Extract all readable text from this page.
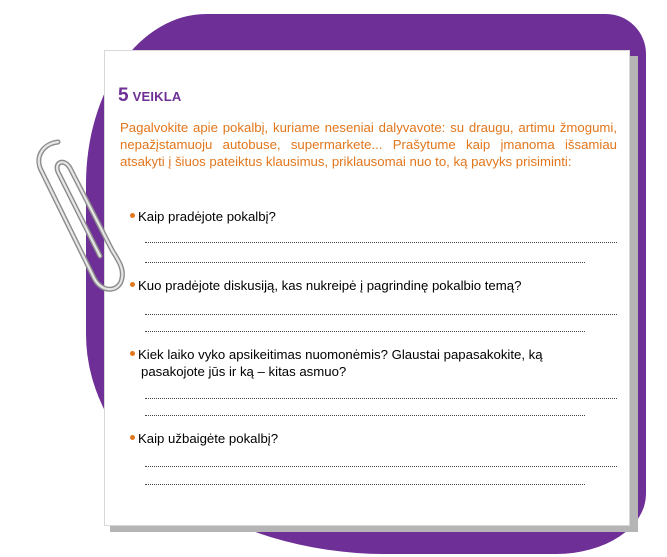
5 VEIKLA

Pagalvokite apie pokalbį, kuriame neseniai dalyvavote: su draugu, artimu žmogumi, nepažįstamuoju autobuse, supermarkete... Prašytume kaip įmanoma išsamiau atsakyti į šiuos pateiktus klausimus, priklausomai nuo to, ką pavyks prisiminti:

Kaip pradėjote pokalbį?

Kuo pradėjote diskusiją, kas nukreipė į pagrindinę pokalbio temą?

Kiek laiko vyko apsikeitimas nuomonėmis? Glaustai papasakokite, ką
pasakojote jūs ir ką – kitas asmuo?

Kaip užbaigėte pokalbį?
